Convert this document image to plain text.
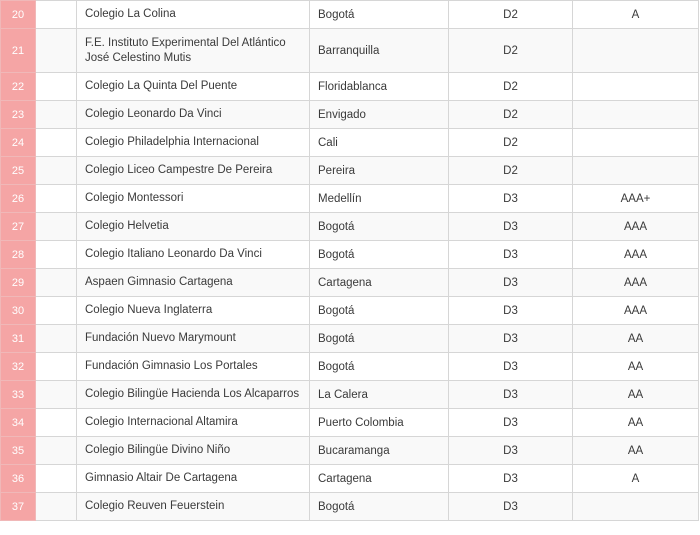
20		Colegio La Colina	Bogotá	D2	A
21		F.E. Instituto Experimental Del Atlántico José Celestino Mutis	Barranquilla	D2	
22		Colegio La Quinta Del Puente	Floridablanca	D2	
23		Colegio Leonardo Da Vinci	Envigado	D2	
24		Colegio Philadelphia Internacional	Cali	D2	
25		Colegio Liceo Campestre De Pereira	Pereira	D2	
26		Colegio Montessori	Medellín	D3	AAA+
27		Colegio Helvetia	Bogotá	D3	AAA
28		Colegio Italiano Leonardo Da Vinci	Bogotá	D3	AAA
29		Aspaen Gimnasio Cartagena	Cartagena	D3	AAA
30		Colegio Nueva Inglaterra	Bogotá	D3	AAA
31		Fundación Nuevo Marymount	Bogotá	D3	AA
32		Fundación Gimnasio Los Portales	Bogotá	D3	AA
33		Colegio Bilingüe Hacienda Los Alcaparros	La Calera	D3	AA
34		Colegio Internacional Altamira	Puerto Colombia	D3	AA
35		Colegio Bilingüe Divino Niño	Bucaramanga	D3	AA
36		Gimnasio Altair De Cartagena	Cartagena	D3	A
37		Colegio Reuven Feuerstein	Bogotá	D3	
